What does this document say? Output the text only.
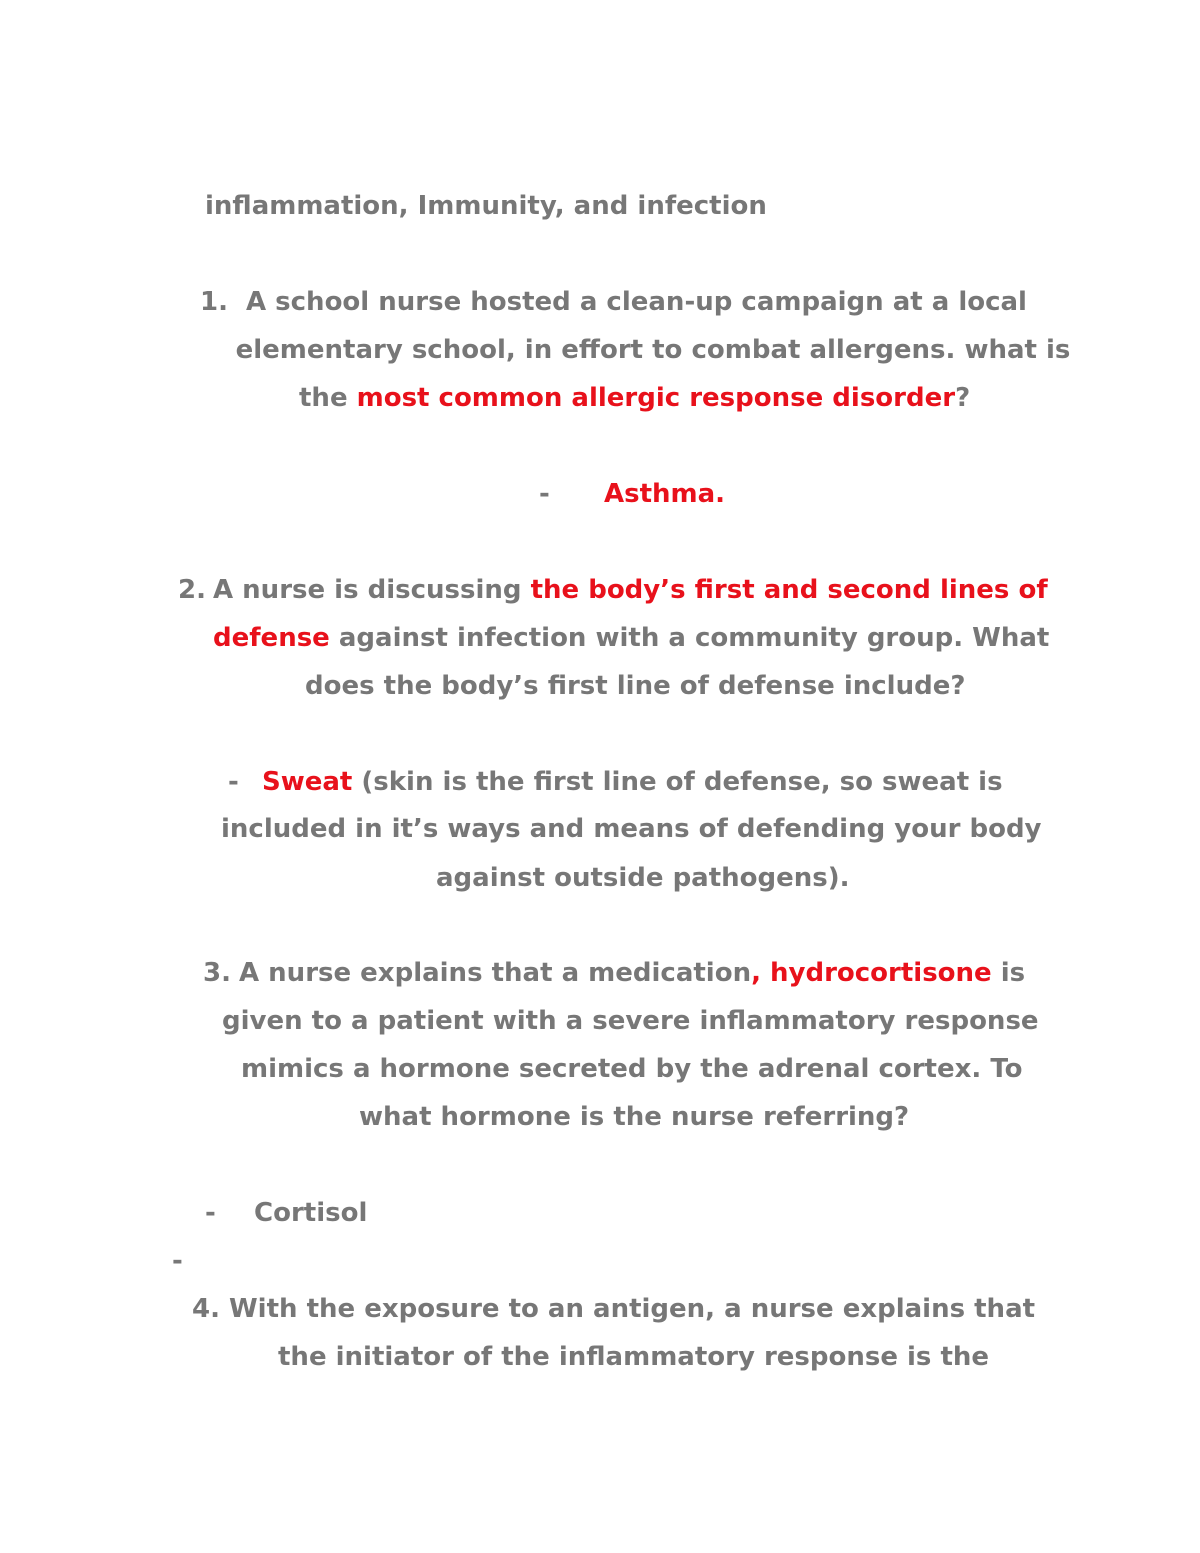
inflammation, Immunity, and infection
1. A school nurse hosted a clean-up campaign at a local
elementary school, in effort to combat allergens. what is
the most common allergic response disorder?
- Asthma.
2. A nurse is discussing the body’s first and second lines of
defense against infection with a community group. What
does the body’s first line of defense include?
- Sweat (skin is the first line of defense, so sweat is
included in it’s ways and means of defending your body
against outside pathogens).
3. A nurse explains that a medication, hydrocortisone is
given to a patient with a severe inflammatory response
mimics a hormone secreted by the adrenal cortex. To
what hormone is the nurse referring?
- Cortisol
-
4. With the exposure to an antigen, a nurse explains that
the initiator of the inflammatory response is the
